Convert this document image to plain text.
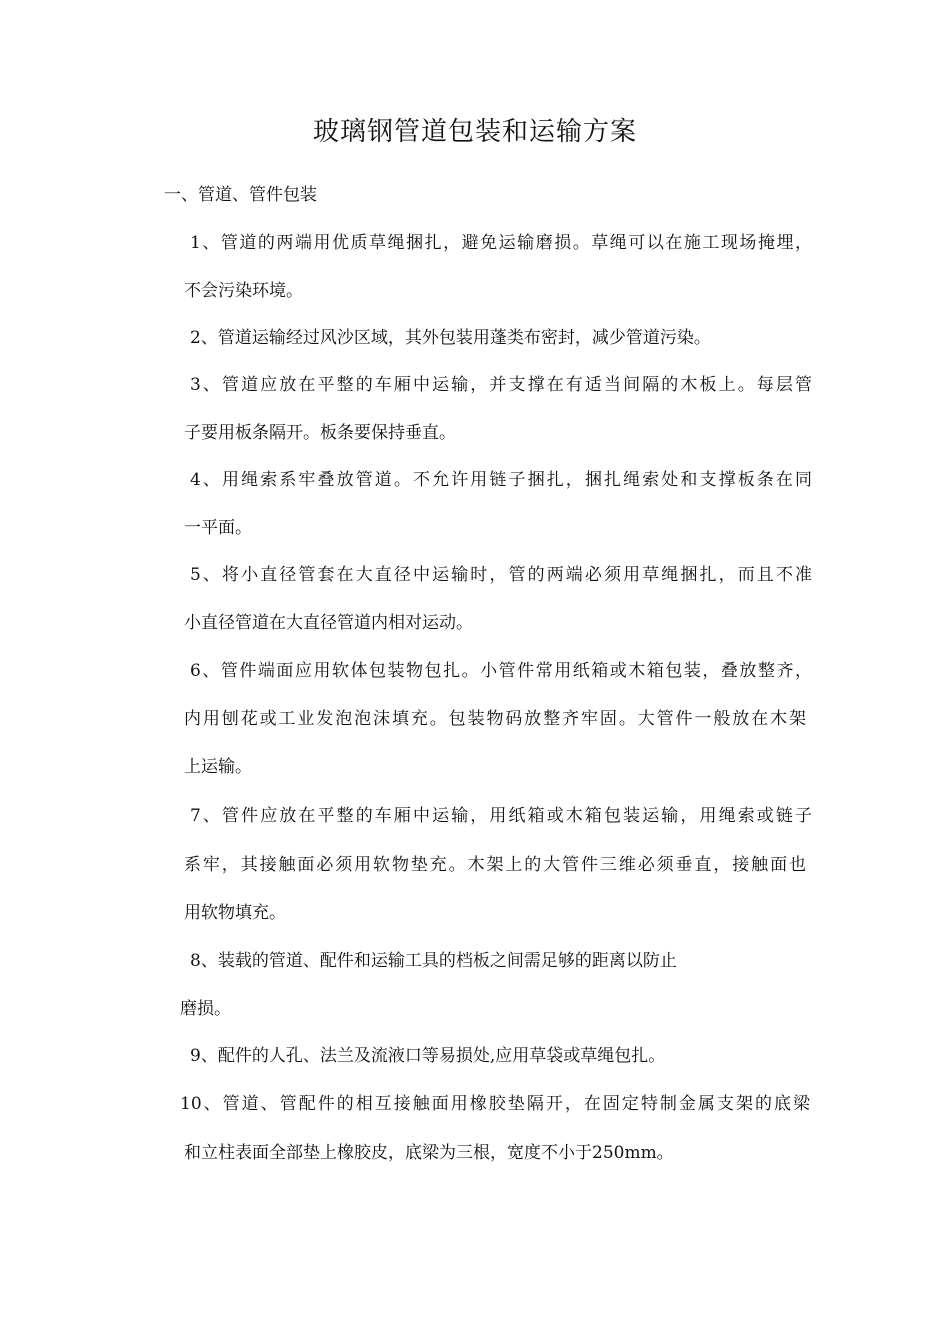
玻璃钢管道包装和运输方案
一、管道、管件包装
1、管道的两端用优质草绳捆扎，避免运输磨损。草绳可以在施工现场掩埋，
不会污染环境。
2、管道运输经过风沙区域，其外包装用蓬类布密封，减少管道污染。
3、管道应放在平整的车厢中运输，并支撑在有适当间隔的木板上。每层管
子要用板条隔开。板条要保持垂直。
4、用绳索系牢叠放管道。不允许用链子捆扎，捆扎绳索处和支撑板条在同
一平面。
5、将小直径管套在大直径中运输时，管的两端必须用草绳捆扎，而且不准
小直径管道在大直径管道内相对运动。
6、管件端面应用软体包装物包扎。小管件常用纸箱或木箱包装，叠放整齐，
内用刨花或工业发泡泡沫填充。包装物码放整齐牢固。大管件一般放在木架
上运输。
7、管件应放在平整的车厢中运输，用纸箱或木箱包装运输，用绳索或链子
系牢，其接触面必须用软物垫充。木架上的大管件三维必须垂直，接触面也
用软物填充。
8、装载的管道、配件和运输工具的档板之间需足够的距离以防止
磨损。
9、配件的人孔、法兰及流液口等易损处,应用草袋或草绳包扎。
10、管道、管配件的相互接触面用橡胶垫隔开，在固定特制金属支架的底梁
和立柱表面全部垫上橡胶皮，底梁为三根，宽度不小于250mm。
